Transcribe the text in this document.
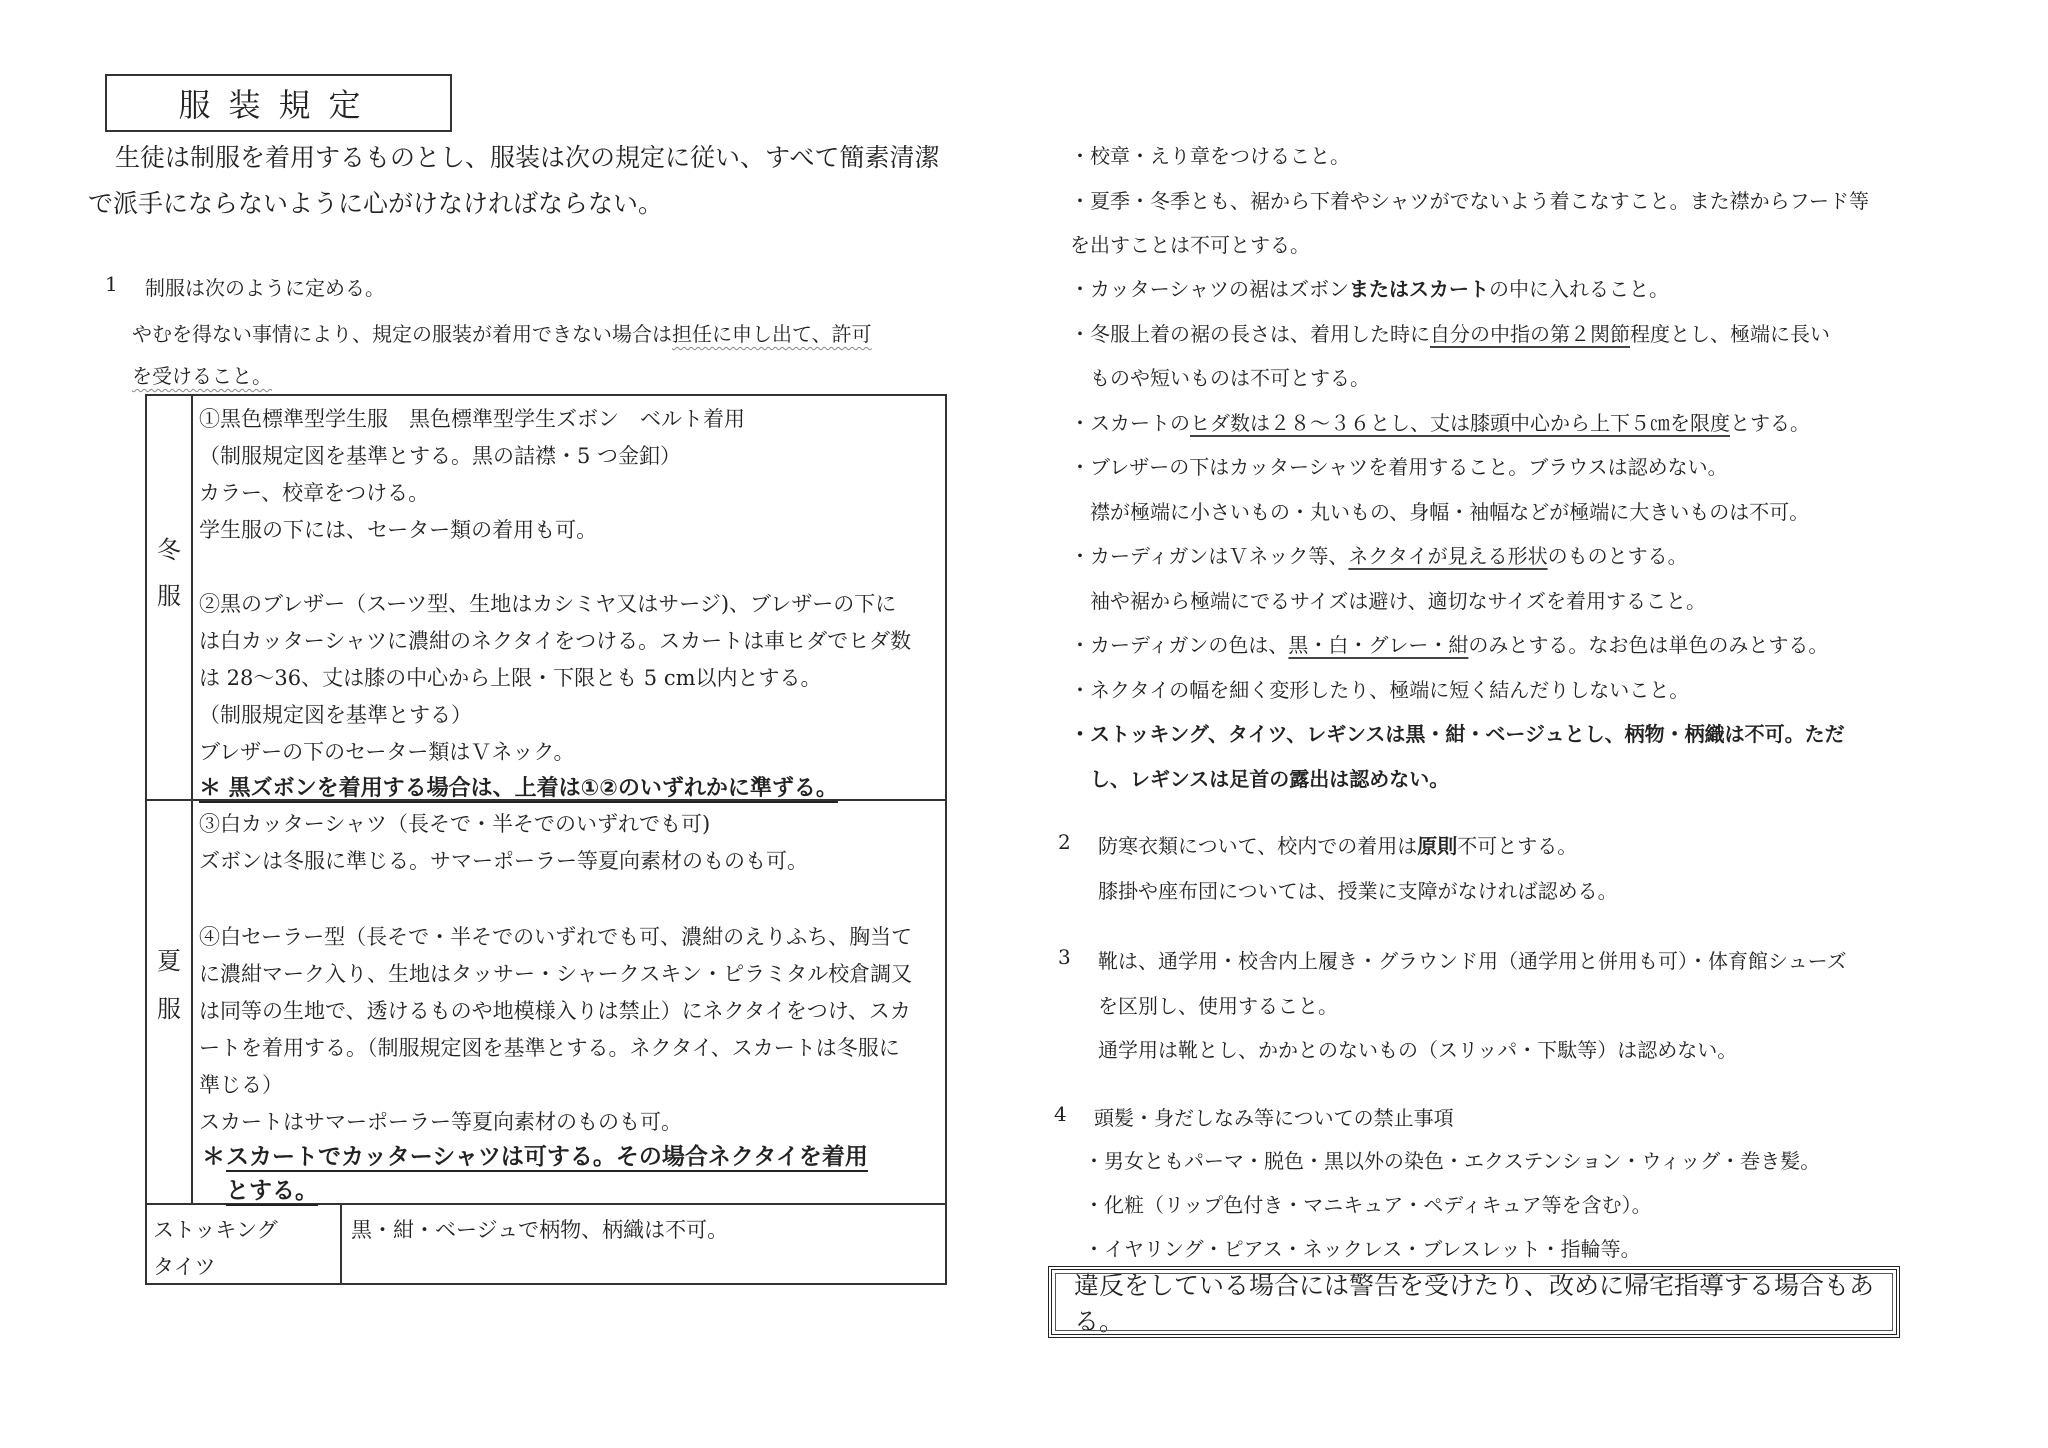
服装規定
生徒は制服を着用するものとし、服装は次の規定に従い、すべて簡素清潔
で派手にならないように心がけなければならない。
1 制服は次のように定める。
やむを得ない事情により、規定の服装が着用できない場合は担任に申し出て、許可
を受けること。
冬
服
夏
服
①黒色標準型学生服　黒色標準型学生ズボン　ベルト着用
（制服規定図を基準とする。黒の詰襟・5 つ金釦）
カラー、校章をつける。
学生服の下には、セーター類の着用も可。
②黒のブレザー（スーツ型、生地はカシミヤ又はサージ)、ブレザーの下に
は白カッターシャツに濃紺のネクタイをつける。スカートは車ヒダでヒダ数
は 28〜36、丈は膝の中心から上限・下限とも 5 cm以内とする。
（制服規定図を基準とする）
ブレザーの下のセーター類はＶネック。
＊ 黒ズボンを着用する場合は、上着は①②のいずれかに準ずる。
③白カッターシャツ（長そで・半そでのいずれでも可)
ズボンは冬服に準じる。サマーポーラー等夏向素材のものも可。
④白セーラー型（長そで・半そでのいずれでも可、濃紺のえりふち、胸当て
に濃紺マーク入り、生地はタッサー・シャークスキン・ピラミタル校倉調又
は同等の生地で、透けるものや地模様入りは禁止）にネクタイをつけ、スカ
ートを着用する。（制服規定図を基準とする。ネクタイ、スカートは冬服に
準じる）
スカートはサマーポーラー等夏向素材のものも可。
＊ スカートでカッターシャツは可する。その場合ネクタイを着用
とする。
ストッキング
タイツ
黒・紺・ベージュで柄物、柄織は不可。
・校章・えり章をつけること。
・夏季・冬季とも、裾から下着やシャツがでないよう着こなすこと。また襟からフード等
を出すことは不可とする。
・カッターシャツの裾はズボンまたはスカートの中に入れること。
・冬服上着の裾の長さは、着用した時に自分の中指の第２関節程度とし、極端に長い
　ものや短いものは不可とする。
・スカートのヒダ数は２８～３６とし、丈は膝頭中心から上下５㎝を限度とする。
・ブレザーの下はカッターシャツを着用すること。ブラウスは認めない。
　襟が極端に小さいもの・丸いもの、身幅・袖幅などが極端に大きいものは不可。
・カーディガンはＶネック等、ネクタイが見える形状のものとする。
　袖や裾から極端にでるサイズは避け、適切なサイズを着用すること。
・カーディガンの色は、黒・白・グレー・紺のみとする。なお色は単色のみとする。
・ネクタイの幅を細く変形したり、極端に短く結んだりしないこと。
・ストッキング、タイツ、レギンスは黒・紺・ベージュとし、柄物・柄織は不可。ただ
　し、レギンスは足首の露出は認めない。
2 防寒衣類について、校内での着用は原則不可とする。
膝掛や座布団については、授業に支障がなければ認める。
3 靴は、通学用・校舎内上履き・グラウンド用（通学用と併用も可）・体育館シューズ
を区別し、使用すること。
通学用は靴とし、かかとのないもの（スリッパ・下駄等）は認めない。
4 頭髪・身だしなみ等についての禁止事項
・男女ともパーマ・脱色・黒以外の染色・エクステンション・ウィッグ・巻き髪。
・化粧（リップ色付き・マニキュア・ペディキュア等を含む）。
・イヤリング・ピアス・ネックレス・ブレスレット・指輪等。
違反をしている場合には警告を受けたり、改めに帰宅指導する場合もある。
